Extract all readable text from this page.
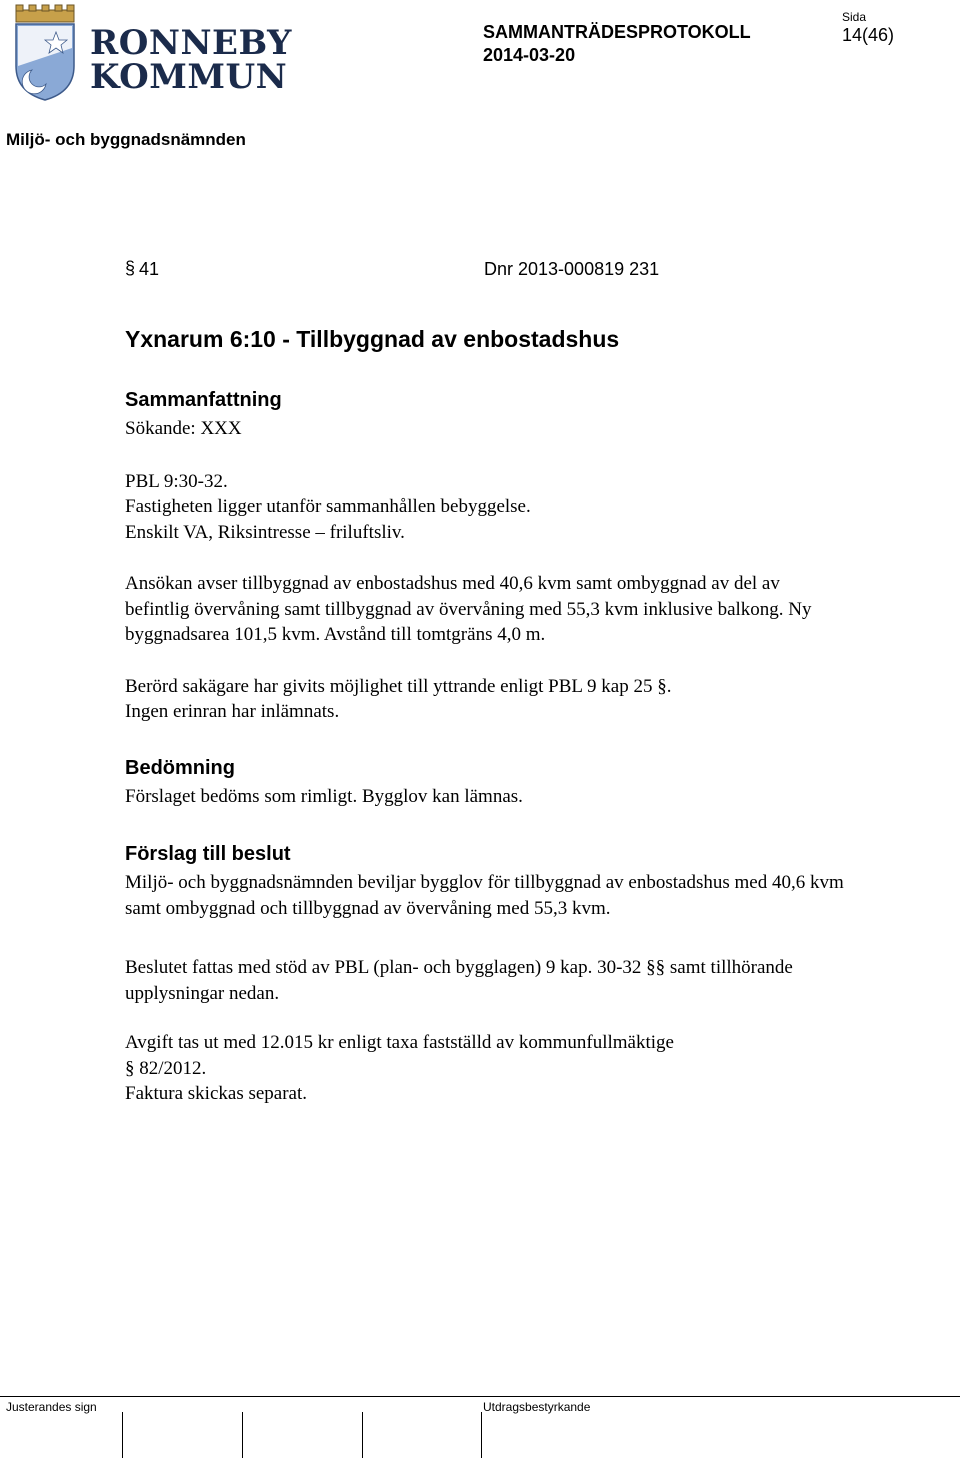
RONNEBY
KOMMUN
SAMMANTRÄDESPROTOKOLL
2014-03-20
Sida
14(46)
Miljö- och byggnadsnämnden
§ 41	Dnr 2013-000819 231
Yxnarum 6:10 - Tillbyggnad av enbostadshus
Sammanfattning

Sökande: XXX

PBL 9:30-32.

Fastigheten ligger utanför sammanhållen bebyggelse.

Enskilt VA, Riksintresse – friluftsliv.

Ansökan avser tillbyggnad av enbostadshus med 40,6 kvm samt ombyggnad av del av befintlig övervåning samt tillbyggnad av övervåning med 55,3 kvm inklusive balkong. Ny byggnadsarea 101,5 kvm. Avstånd till tomtgräns 4,0 m.

Berörd sakägare har givits möjlighet till yttrande enligt PBL 9 kap 25 §.

Ingen erinran har inlämnats.

Bedömning

Förslaget bedöms som rimligt. Bygglov kan lämnas.

Förslag till beslut

Miljö- och byggnadsnämnden beviljar bygglov för tillbyggnad av enbostadshus med 40,6 kvm samt ombyggnad och tillbyggnad av övervåning med 55,3 kvm.

Beslutet fattas med stöd av PBL (plan- och bygglagen) 9 kap. 30-32 §§ samt tillhörande upplysningar nedan.

Avgift tas ut med 12.015 kr enligt taxa fastställd av kommunfullmäktige

§ 82/2012.

Faktura skickas separat.

Justerandes sign	Utdragsbestyrkande
